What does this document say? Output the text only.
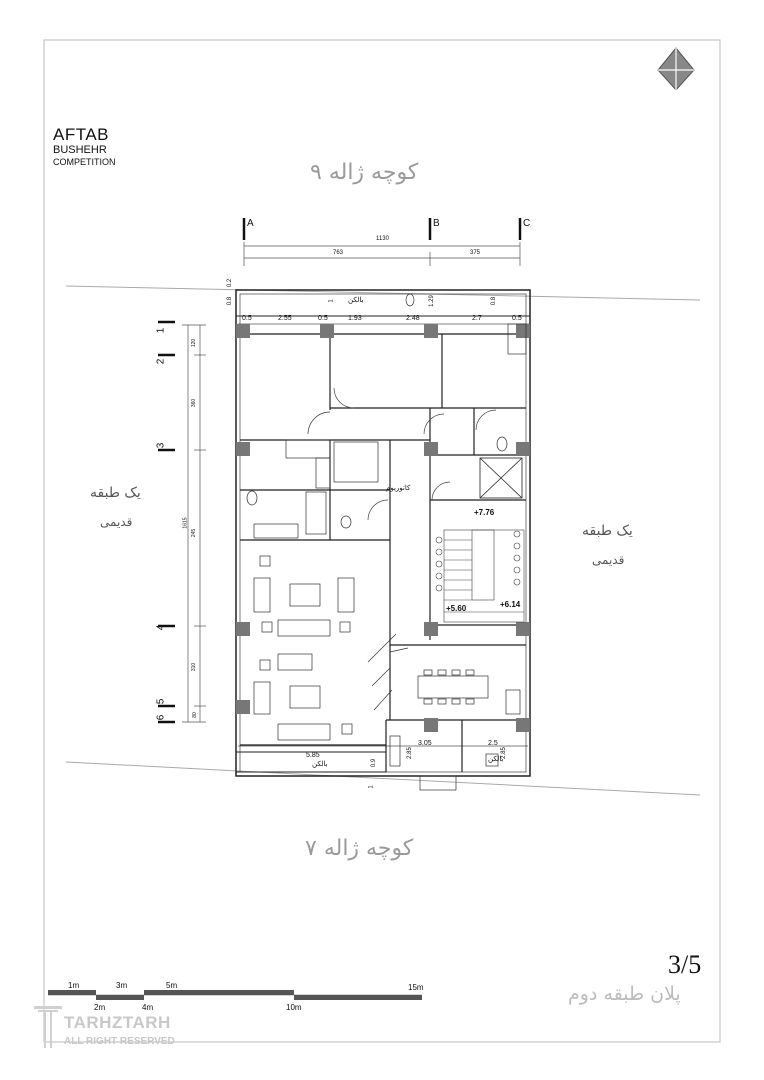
AFTAB
BUSHEHR
COMPETITION	کوچه ژاله ۹
کوچه ژاله ۷
یک طبقه
قدیمی
یک طبقه
قدیمی
A	B	C
1
2
3
4
5
6
1130
763	375
0.5	2.55	0.5	1.93	2.48	2.7	0.5
5.85
3.05	2.5
1615
120
360
245
310
80
0.8
0.2
1	1.29	0.8
0.9
1
2.85	2.85
+7.76
+5.60	+6.14
بالکن
بالکن
کاتوریوم
بالکن
3/5
پلان طبقه دوم
1m	3m	5m	15m
2m	4m	10m
TARHZTARH
ALL RIGHT RESERVED
